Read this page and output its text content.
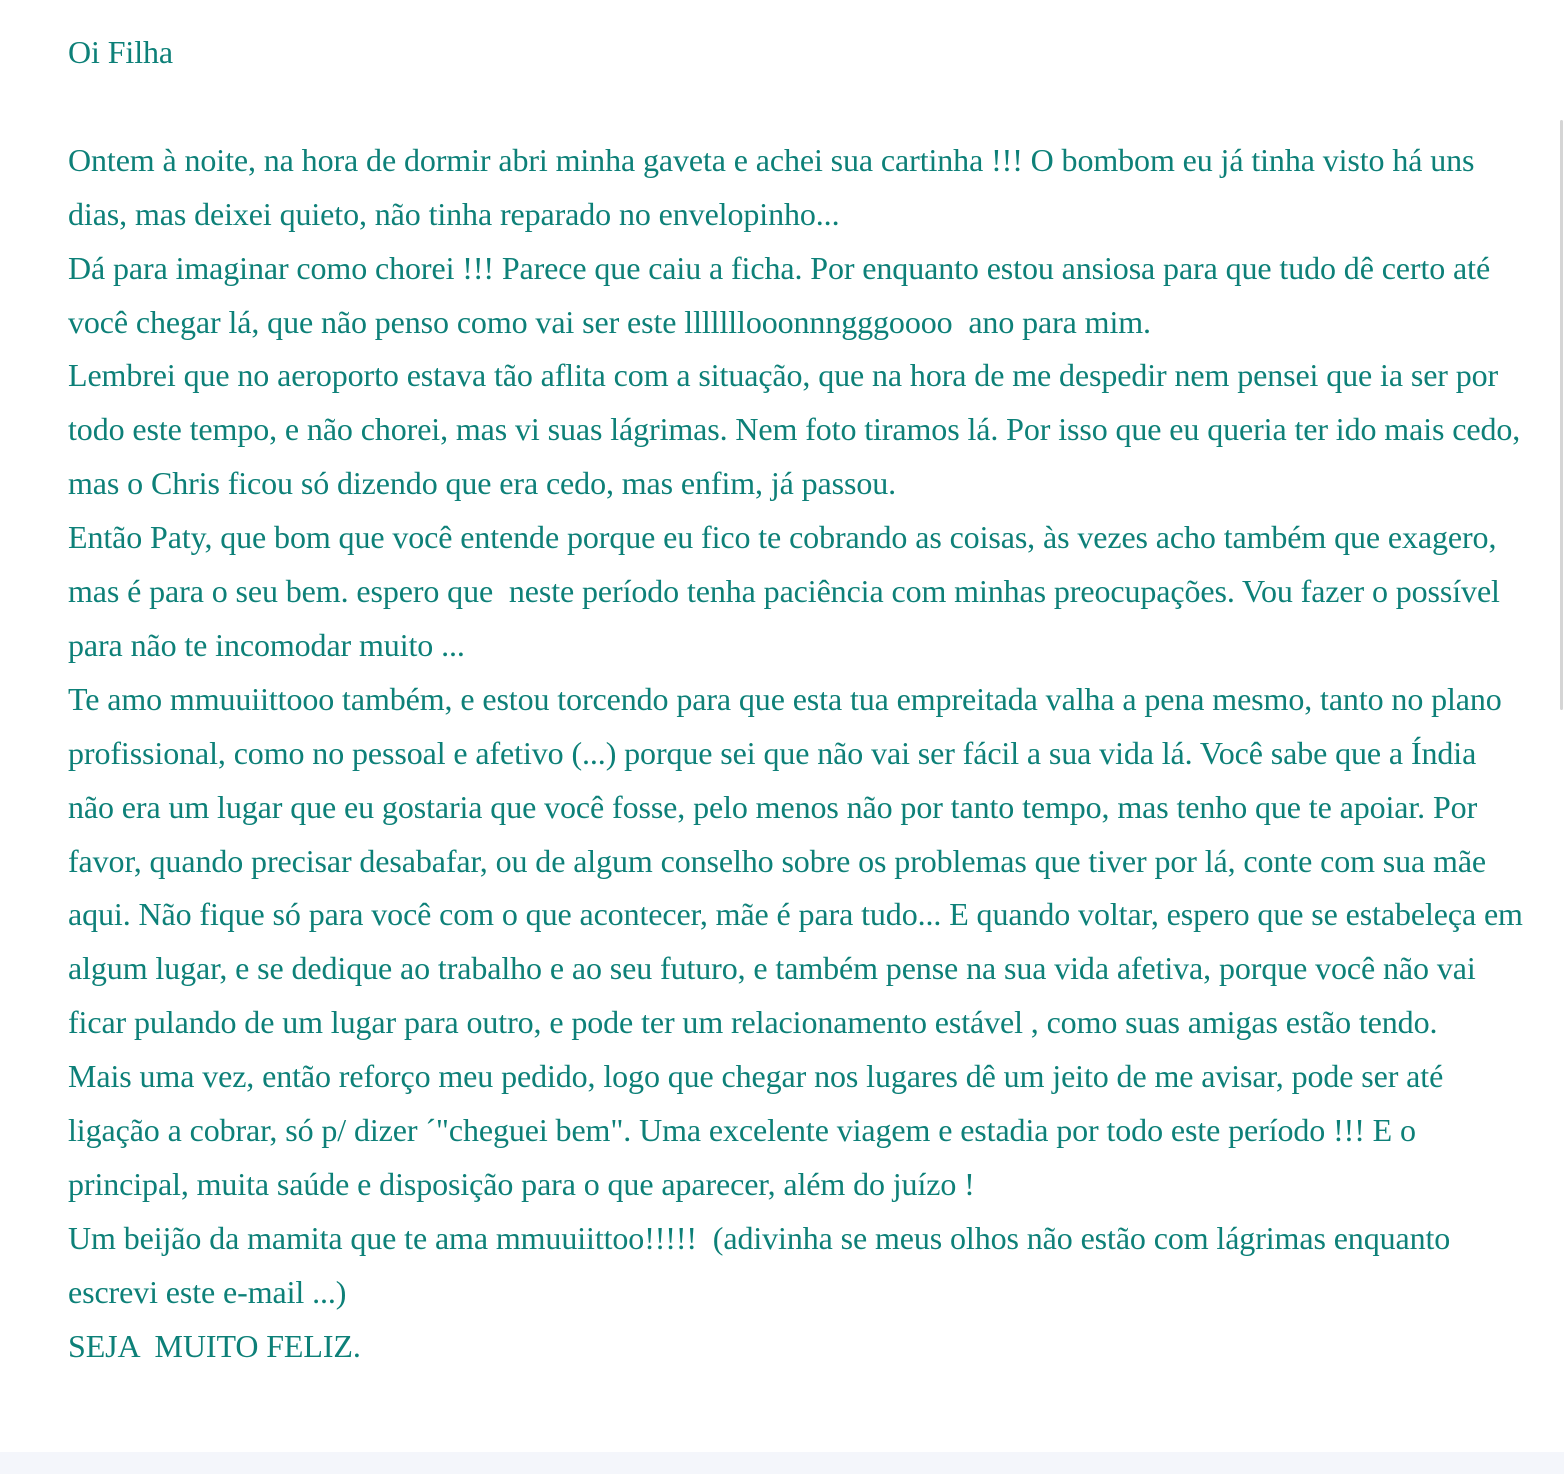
Oi Filha

Ontem à noite, na hora de dormir abri minha gaveta e achei sua cartinha !!! O bombom eu já tinha visto há uns dias, mas deixei quieto, não tinha reparado no envelopinho...

Dá para imaginar como chorei !!! Parece que caiu a ficha. Por enquanto estou ansiosa para que tudo dê certo até você chegar lá, que não penso como vai ser este lllllllooonnngggoooo  ano para mim.

Lembrei que no aeroporto estava tão aflita com a situação, que na hora de me despedir nem pensei que ia ser por todo este tempo, e não chorei, mas vi suas lágrimas. Nem foto tiramos lá. Por isso que eu queria ter ido mais cedo, mas o Chris ficou só dizendo que era cedo, mas enfim, já passou.

Então Paty, que bom que você entende porque eu fico te cobrando as coisas, às vezes acho também que exagero, mas é para o seu bem. espero que  neste período tenha paciência com minhas preocupações. Vou fazer o possível para não te incomodar muito ...

Te amo mmuuiittooo também, e estou torcendo para que esta tua empreitada valha a pena mesmo, tanto no plano profissional, como no pessoal e afetivo (...) porque sei que não vai ser fácil a sua vida lá. Você sabe que a Índia não era um lugar que eu gostaria que você fosse, pelo menos não por tanto tempo, mas tenho que te apoiar. Por favor, quando precisar desabafar, ou de algum conselho sobre os problemas que tiver por lá, conte com sua mãe aqui. Não fique só para você com o que acontecer, mãe é para tudo... E quando voltar, espero que se estabeleça em algum lugar, e se dedique ao trabalho e ao seu futuro, e também pense na sua vida afetiva, porque você não vai ficar pulando de um lugar para outro, e pode ter um relacionamento estável , como suas amigas estão tendo.

Mais uma vez, então reforço meu pedido, logo que chegar nos lugares dê um jeito de me avisar, pode ser até ligação a cobrar, só p/ dizer ´"cheguei bem". Uma excelente viagem e estadia por todo este período !!! E o principal, muita saúde e disposição para o que aparecer, além do juízo !

Um beijão da mamita que te ama mmuuiittoo!!!!!  (adivinha se meus olhos não estão com lágrimas enquanto escrevi este e-mail ...)

SEJA  MUITO FELIZ.
